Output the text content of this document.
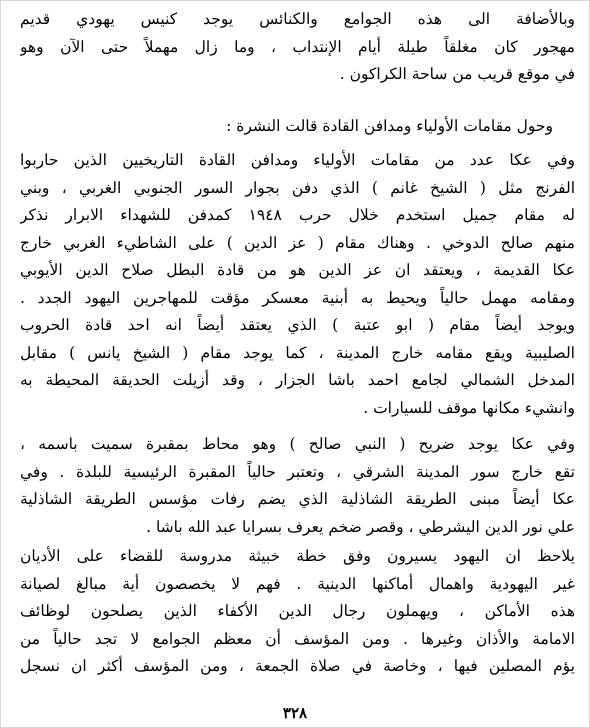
وبالأضافة الى هذه الجوامع والكنائس يوجد كنيس يهودي قديم
مهجور كان مغلقاً طيلة أيام الإنتداب ، وما زال مهملاً حتى الآن وهو
في موقع قريب من ساحة الكراكون .
وحول مقامات الأولياء ومدافن القادة قالت النشرة :
وفي عكا عدد من مقامات الأولياء ومدافن القادة التاريخيين الذين حاربوا
الفرنج مثل ( الشيخ غانم ) الذي دفن بجوار السور الجنوبي الغربي ، وبني
له مقام جميل استخدم خلال حرب ١٩٤٨ كمدفن للشهداء الابرار نذكر
منهم صالح الدوخي . وهناك مقام ( عز الدين ) على الشاطيء الغربي خارج
عكا القديمة ، ويعتقد ان عز الدين هو من قادة البطل صلاح الدين الأيوبي
ومقامه مهمل حالياً ويحيط به أبنية معسكر مؤقت للمهاجرين اليهود الجدد .
ويوجد أيضاً مقام ( ابو عتبة ) الذي يعتقد أيضاً انه احد قادة الحروب
الصليبية ويقع مقامه خارج المدينة ، كما يوجد مقام ( الشيخ يانس ) مقابل
المدخل الشمالي لجامع احمد باشا الجزار ، وقد أزيلت الحديقة المحيطة به
وانشيء مكانها موقف للسيارات .
وفي عكا يوجد ضريح ( النبي صالح ) وهو محاط بمقبرة سميت باسمه ،
تقع خارج سور المدينة الشرقي ، وتعتبر حالياً المقبرة الرئيسية للبلدة . وفي
عكا أيضاً مبنى الطريقة الشاذلية الذي يضم رفات مؤسس الطريقة الشاذلية
علي نور الدين اليشرطي ، وقصر ضخم يعرف بسرايا عبد الله باشا .
يلاحظ ان اليهود يسيرون وفق خطة خبيثة مدروسة للقضاء على الأديان
غير اليهودية واهمال أماكنها الدينية . فهم لا يخصصون أية مبالغ لصيانة
هذه الأماكن ، ويهملون رجال الدين الأكفاء الذين يصلحون لوظائف
الامامة والأذان وغيرها . ومن المؤسف أن معظم الجوامع لا تجد حالياً من
يؤم المصلين فيها ، وخاصة في صلاة الجمعة ، ومن المؤسف أكثر ان نسجل
٣٢٨
